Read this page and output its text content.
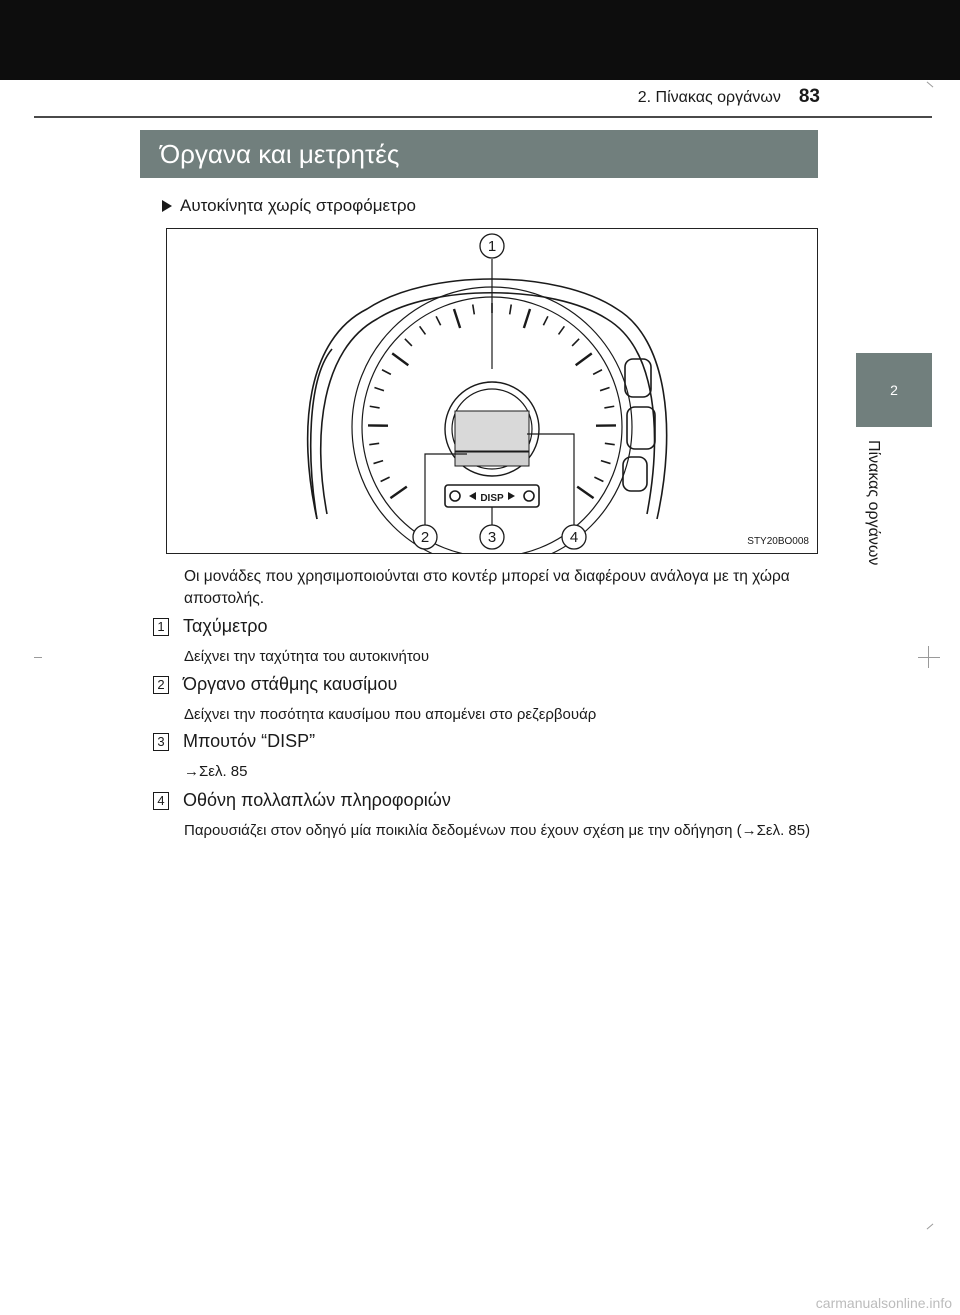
2. Πίνακας οργάνων 83
Όργανα και μετρητές
2
Πίνακας οργάνων
Αυτοκίνητα χωρίς στροφόμετρο
DISP
1
2	3	4	STY20BO008
Οι μονάδες που χρησιμοποιούνται στο κοντέρ μπορεί να διαφέρουν ανάλογα με τη χώρα αποστολής.
1 Ταχύμετρο
Δείχνει την ταχύτητα του αυτοκινήτου
2 Όργανο στάθμης καυσίμου
Δείχνει την ποσότητα καυσίμου που απομένει στο ρεζερβουάρ
3 Μπουτόν “DISP”
→Σελ. 85
4 Οθόνη πολλαπλών πληροφοριών
Παρουσιάζει στον οδηγό μία ποικιλία δεδομένων που έχουν σχέση με την οδήγηση (→Σελ. 85)
carmanualsonline.info
